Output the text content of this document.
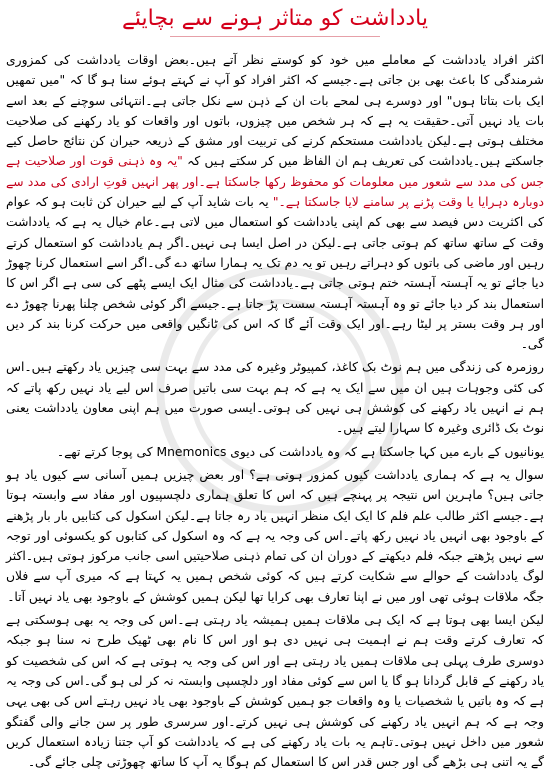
یادداشت کو متاثر ہونے سے بچایئے

اکثر افراد یادداشت کے معاملے میں خود کو کوستے نظر آتے ہیں۔بعض اوقات یادداشت کی کمزوری شرمندگی کا باعث بھی بن جاتی ہے۔جیسے کہ اکثر افراد کو آپ نے کہتے ہوئے سنا ہو گا کہ "میں تمھیں ایک بات بتاتا ہوں" اور دوسرے ہی لمحے بات ان کے ذہن سے نکل جاتی ہے۔انتہائی سوچنے کے بعد اسے بات یاد نہیں آتی۔حقیقت یہ ہے کہ ہر شخص میں چیزوں، باتوں اور واقعات کو یاد رکھنے کی صلاحیت مختلف ہوتی ہے۔لیکن یادداشت مستحکم کرنے کی تربیت اور مشق کے ذریعہ حیران کن نتائج حاصل کیے جاسکتے ہیں۔یادداشت کی تعریف ہم ان الفاظ میں کر سکتے ہیں کہ "یہ وہ ذہنی قوت اور صلاحیت ہے جس کی مدد سے شعور میں معلومات کو محفوظ رکھا جاسکتا ہے۔اور پھر انہیں قوتِ ارادی کی مدد سے دوبارہ دہرایا یا وقت پڑنے پر سامنے لایا جاسکتا ہے۔" یہ بات شاید آپ کے لیے حیران کن ثابت ہو کہ عوام کی اکثریت دس فیصد سے بھی کم اپنی یادداشت کو استعمال میں لاتی ہے۔عام خیال یہ ہے کہ یادداشت وقت کے ساتھ ساتھ کم ہوتی جاتی ہے۔لیکن در اصل ایسا ہی نہیں۔اگر ہم یادداشت کو استعمال کرتے رہیں اور ماضی کی باتوں کو دہراتے رہیں تو یہ دم تک یہ ہمارا ساتھ دے گی۔اگر اسے استعمال کرنا چھوڑ دیا جائے تو یہ آہستہ آہستہ ختم ہوتی جاتی ہے۔یادداشت کی مثال ایک ایسے پٹھے کی سی ہے اگر اس کا استعمال بند کر دیا جائے تو وہ آہستہ آہستہ سست پڑ جاتا ہے۔جیسے اگر کوئی شخص چلنا پھرنا چھوڑ دے اور ہر وقت بستر پر لیٹا رہے۔اور ایک وقت آئے گا کہ اس کی ٹانگیں واقعی میں حرکت کرنا بند کر دیں گی۔

روزمرہ کی زندگی میں ہم نوٹ بک کاغذ، کمپیوٹر وغیرہ کی مدد سے بہت سی چیزیں یاد رکھتے ہیں۔اس کی کئی وجوہات ہیں ان میں سے ایک یہ ہے کہ ہم بہت سی باتیں صرف اس لیے یاد نہیں رکھ پاتے کہ ہم نے انہیں یاد رکھنے کی کوشش ہی نہیں کی ہوتی۔ایسی صورت میں ہم اپنی معاون یادداشت یعنی نوٹ بک ڈائری وغیرہ کا سہارا لیتے ہیں۔

یونانیوں کے بارے میں کہا جاسکتا ہے کہ وہ یادداشت کی دیوی Mnemonics کی پوجا کرتے تھے۔

سوال یہ ہے کہ ہماری یادداشت کیوں کمزور ہوتی ہے؟ اور بعض چیزیں ہمیں آسانی سے کیوں یاد ہو جاتی ہیں؟ ماہرین اس نتیجہ پر پہنچے ہیں کہ اس کا تعلق ہماری دلچسپیوں اور مفاد سے وابستہ ہوتا ہے۔جیسے اکثر طالب علم فلم کا ایک ایک منظر انہیں یاد رہ جاتا ہے۔لیکن اسکول کی کتابیں بار بار پڑھنے کے باوجود بھی انہیں یاد نہیں رکھ پاتے۔اس کی وجہ یہ ہے کہ وہ اسکول کی کتابوں کو یکسوئی اور توجہ سے نہیں پڑھتے جبکہ فلم دیکھتے کے دوران ان کی تمام ذہنی صلاحیتیں اسی جانب مرکوز ہوتی ہیں۔اکثر لوگ یادداشت کے حوالے سے شکایت کرتے ہیں کہ کوئی شخص ہمیں یہ کہتا ہے کہ میری آپ سے فلاں جگہ ملاقات ہوئی تھی اور میں نے اپنا تعارف بھی کرایا تھا لیکن ہمیں کوشش کے باوجود بھی یاد نہیں آتا۔

لیکن ایسا بھی ہوتا ہے کہ ایک ہی ملاقات ہمیں ہمیشہ یاد رہتی ہے۔اس کی وجہ یہ بھی ہوسکتی ہے کہ تعارف کرتے وقت ہم نے اہمیت ہی نہیں دی ہو اور اس کا نام بھی ٹھیک طرح نہ سنا ہو جبکہ دوسری طرف پہلی ہی ملاقات ہمیں یاد رہتی ہے اور اس کی وجہ یہ ہوتی ہے کہ اس کی شخصیت کو یاد رکھنے کے قابل گردانا ہو گا یا اس سے کوئی مفاد اور دلچسپی وابستہ نہ کر لی ہو گی۔اس کی وجہ یہ ہے کہ وہ باتیں یا شخصیات یا وہ واقعات جو ہمیں کوشش کے باوجود بھی یاد نہیں رہتے اس کی بھی یہی وجہ ہے کہ ہم انہیں یاد رکھنے کی کوشش ہی نہیں کرتے۔اور سرسری طور پر سن جانے والی گفتگو شعور میں داخل نہیں ہوتی۔تاہم یہ بات یاد رکھنے کی ہے کہ یادداشت کو آپ جتنا زیادہ استعمال کریں گے یہ اتنی ہی بڑھے گی اور جس قدر اس کا استعمال کم ہوگا یہ آپ کا ساتھ چھوڑتی چلی جائے گی۔
